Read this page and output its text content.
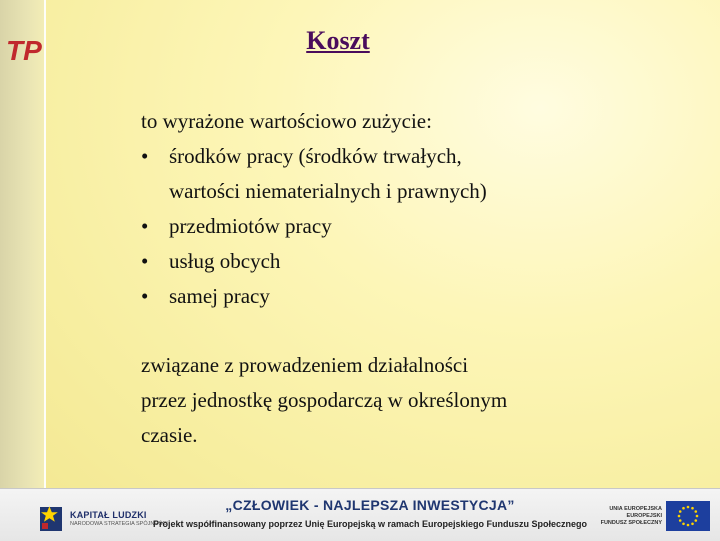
TP	Koszt
to wyrażone wartościowo zużycie:
• środków pracy (środków trwałych,
wartości niematerialnych i prawnych)
• przedmiotów pracy
• usług obcych
• samej pracy
związane z prowadzeniem działalności
przez jednostkę gospodarczą w określonym
czasie.
KAPITAŁ LUDZKI
NARODOWA STRATEGIA SPÓJNOŚCI
„CZŁOWIEK - NAJLEPSZA INWESTYCJA”
Projekt współfinansowany poprzez Unię Europejską w ramach Europejskiego Funduszu Społecznego
UNIA EUROPEJSKA
EUROPEJSKI
FUNDUSZ SPOŁECZNY
